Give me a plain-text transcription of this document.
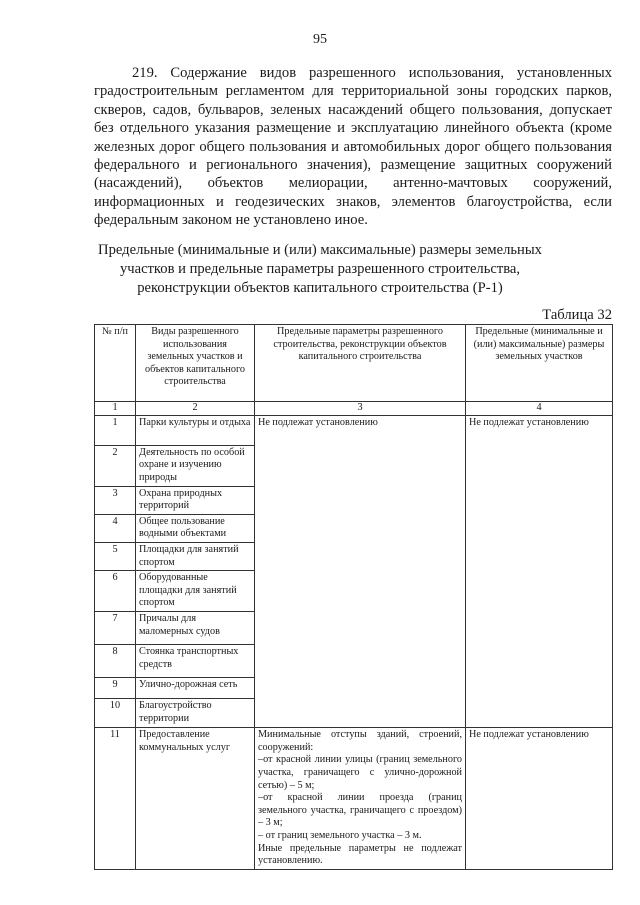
95

219. Содержание видов разрешенного использования, установленных градостроительным регламентом для территориальной зоны городских парков, скверов, садов, бульваров, зеленых насаждений общего пользования, допускает без отдельного указания размещение и эксплуатацию линейного объекта (кроме железных дорог общего пользования и автомобильных дорог общего пользования федерального и регионального значения), размещение защитных сооружений (насаждений), объектов мелиорации, антенно-мачтовых сооружений, информационных и геодезических знаков, элементов благоустройства, если федеральным законом не установлено иное.

Предельные (минимальные и (или) максимальные) размеры земельных участков и предельные параметры разрешенного строительства, реконструкции объектов капитального строительства (Р-1)

Таблица 32
№ п/п	Виды разрешенного использования земельных участков и объектов капитального строительства	Предельные параметры разрешенного строительства, реконструкции объектов капитального строительства	Предельные (минимальные и (или) максимальные) размеры земельных участков
1	2	3	4
1	Парки культуры и отдыха	Не подлежат установлению	Не подлежат установлению
2	Деятельность по особой охране и изучению природы		
3	Охрана природных территорий		
4	Общее пользование водными объектами		
5	Площадки для занятий спортом		
6	Оборудованные площадки для занятий спортом		
7	Причалы для маломерных судов		
8	Стоянка транспортных средств		
9	Улично-дорожная сеть		
10	Благоустройство территории		
11	Предоставление коммунальных услуг	Минимальные отступы зданий, строений, сооружений:
–от красной линии улицы (границ земельного участка, граничащего с улично-дорожной сетью) – 5 м;
–от красной линии проезда (границ земельного участка, граничащего с проездом) – 3 м;
– от границ земельного участка – 3 м.
Иные предельные параметры не подлежат установлению.	Не подлежат установлению
